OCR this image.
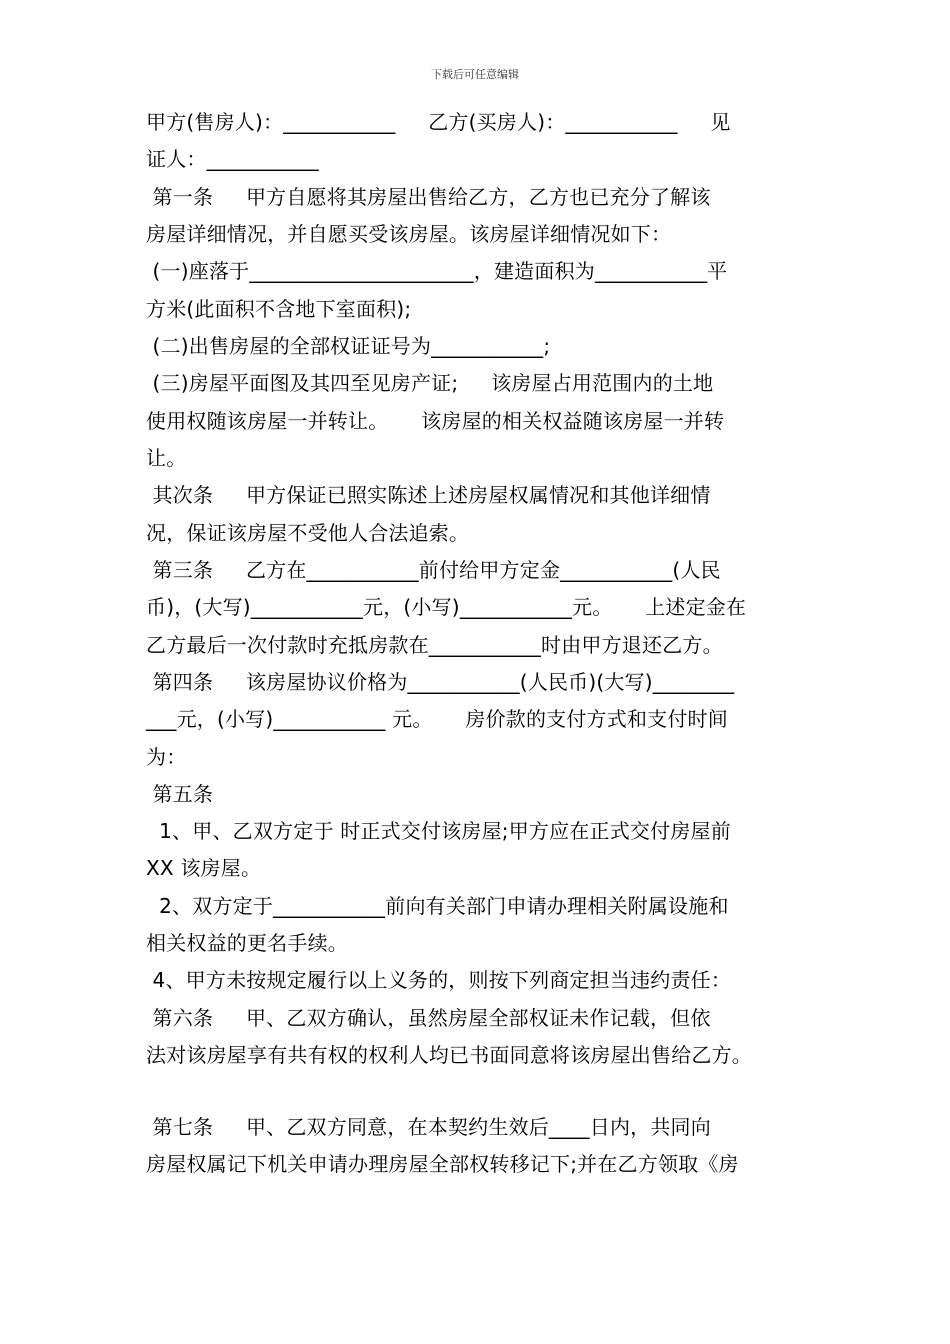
下载后可任意编辑
甲方(售房人)：___________     乙方(买房人)：___________     见
证人：___________
第一条     甲方自愿将其房屋出售给乙方，乙方也已充分了解该
房屋详细情况，并自愿买受该房屋。该房屋详细情况如下：
(一)座落于______________________，建造面积为___________平
方米(此面积不含地下室面积);
(二)出售房屋的全部权证证号为___________;
(三)房屋平面图及其四至见房产证;     该房屋占用范围内的土地
使用权随该房屋一并转让。     该房屋的相关权益随该房屋一并转
让。
其次条     甲方保证已照实陈述上述房屋权属情况和其他详细情
况，保证该房屋不受他人合法追索。
第三条     乙方在___________前付给甲方定金___________(人民
币)，(大写)___________元，(小写)___________元。     上述定金在
乙方最后一次付款时充抵房款在___________时由甲方退还乙方。
第四条     该房屋协议价格为___________(人民币)(大写)________
___元，(小写)___________ 元。     房价款的支付方式和支付时间
为：
第五条
1、甲、乙双方定于 时正式交付该房屋;甲方应在正式交付房屋前
XX 该房屋。
2、双方定于___________前向有关部门申请办理相关附属设施和
相关权益的更名手续。
4、甲方未按规定履行以上义务的，则按下列商定担当违约责任：
第六条     甲、乙双方确认，虽然房屋全部权证未作记载，但依
法对该房屋享有共有权的权利人均已书面同意将该房屋出售给乙方。
第七条     甲、乙双方同意，在本契约生效后____日内，共同向
房屋权属记下机关申请办理房屋全部权转移记下;并在乙方领取《房
